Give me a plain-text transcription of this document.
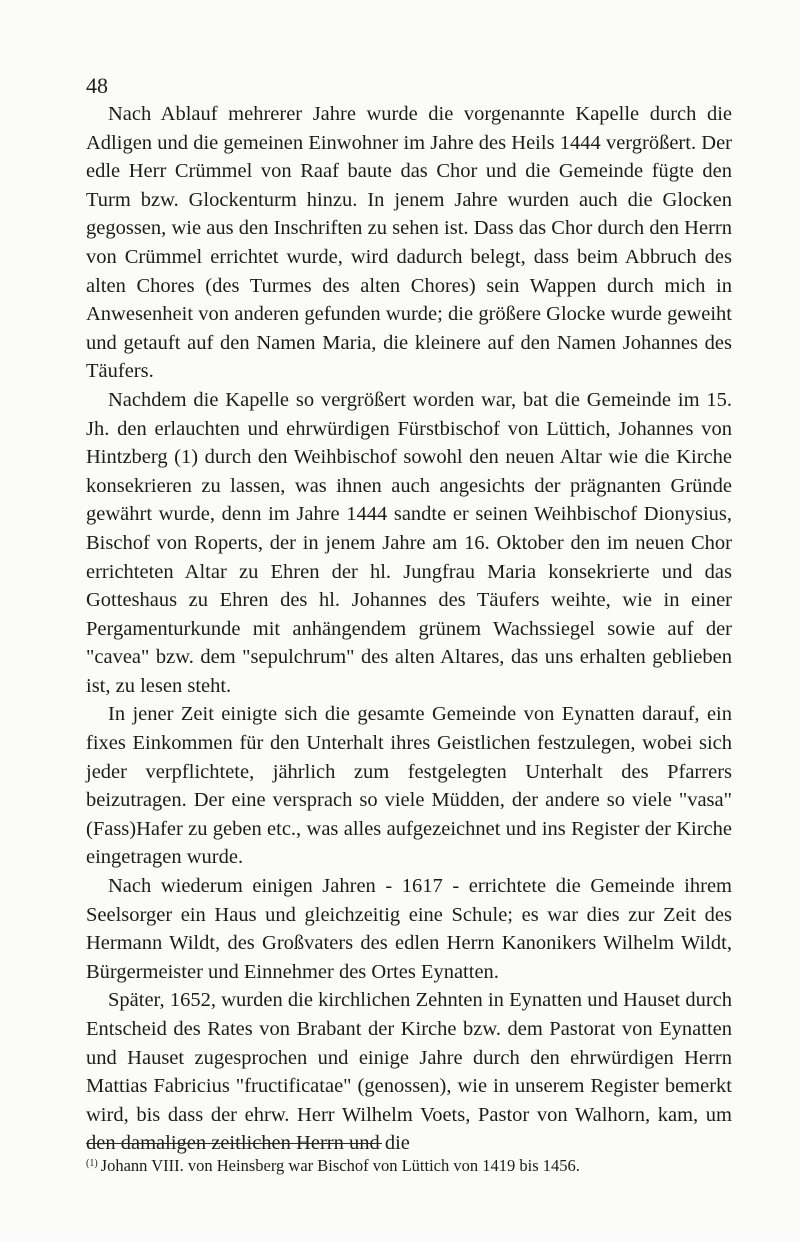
48

Nach Ablauf mehrerer Jahre wurde die vorgenannte Kapelle durch die Adligen und die gemeinen Einwohner im Jahre des Heils 1444 vergrößert. Der edle Herr Crümmel von Raaf baute das Chor und die Gemeinde fügte den Turm bzw. Glockenturm hinzu. In jenem Jahre wurden auch die Glocken gegossen, wie aus den Inschriften zu sehen ist. Dass das Chor durch den Herrn von Crümmel errichtet wurde, wird dadurch belegt, dass beim Abbruch des alten Chores (des Turmes des alten Chores) sein Wappen durch mich in Anwesenheit von anderen gefunden wurde; die größere Glocke wurde geweiht und getauft auf den Namen Maria, die kleinere auf den Namen Johannes des Täufers.

Nachdem die Kapelle so vergrößert worden war, bat die Gemeinde im 15. Jh. den erlauchten und ehrwürdigen Fürstbischof von Lüttich, Johannes von Hintzberg (1) durch den Weihbischof sowohl den neuen Altar wie die Kirche konsekrieren zu lassen, was ihnen auch angesichts der prägnanten Gründe gewährt wurde, denn im Jahre 1444 sandte er seinen Weihbischof Dionysius, Bischof von Roperts, der in jenem Jahre am 16. Oktober den im neuen Chor errichteten Altar zu Ehren der hl. Jungfrau Maria konsekrierte und das Gotteshaus zu Ehren des hl. Johannes des Täufers weihte, wie in einer Pergamenturkunde mit anhängendem grünem Wachssiegel sowie auf der "cavea" bzw. dem "sepulchrum" des alten Altares, das uns erhalten geblieben ist, zu lesen steht.

In jener Zeit einigte sich die gesamte Gemeinde von Eynatten darauf, ein fixes Einkommen für den Unterhalt ihres Geistlichen festzulegen, wobei sich jeder verpflichtete, jährlich zum festgelegten Unterhalt des Pfarrers beizutragen. Der eine versprach so viele Müdden, der andere so viele "vasa" (Fass)Hafer zu geben etc., was alles aufgezeichnet und ins Register der Kirche eingetragen wurde.

Nach wiederum einigen Jahren - 1617 - errichtete die Gemeinde ihrem Seelsorger ein Haus und gleichzeitig eine Schule; es war dies zur Zeit des Hermann Wildt, des Großvaters des edlen Herrn Kanonikers Wilhelm Wildt, Bürgermeister und Einnehmer des Ortes Eynatten.

Später, 1652, wurden die kirchlichen Zehnten in Eynatten und Hauset durch Entscheid des Rates von Brabant der Kirche bzw. dem Pastorat von Eynatten und Hauset zugesprochen und einige Jahre durch den ehrwürdigen Herrn Mattias Fabricius "fructificatae" (genossen), wie in unserem Register bemerkt wird, bis dass der ehrw. Herr Wilhelm Voets, Pastor von Walhorn, kam, um den damaligen zeitlichen Herrn und die

$^{(1)}$ Johann VIII. von Heinsberg war Bischof von Lüttich von 1419 bis 1456.
